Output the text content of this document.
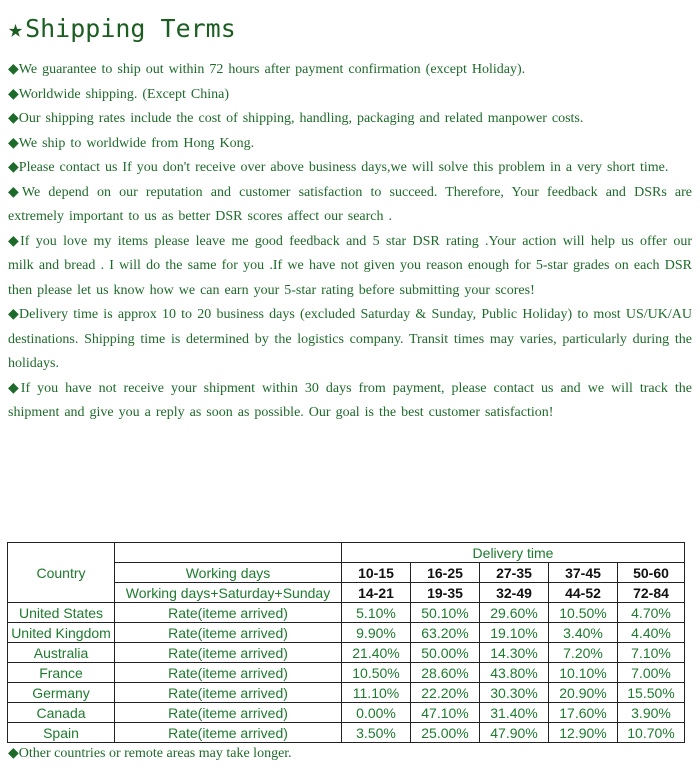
★Shipping Terms

◆We guarantee to ship out within 72 hours after payment confirmation (except Holiday).

◆Worldwide shipping. (Except China)

◆Our shipping rates include the cost of shipping, handling, packaging and related manpower costs.

◆We ship to worldwide from Hong Kong.

◆Please contact us If you don't receive over above business days,we will solve this problem in a very short time.

◆We depend on our reputation and customer satisfaction to succeed. Therefore, Your feedback and DSRs are extremely important to us as better DSR scores affect our search .

◆If you love my items please leave me good feedback and 5 star DSR rating .Your action will help us offer our milk and bread . I will do the same for you .If we have not given you reason enough for 5-star grades on each DSR then please let us know how we can earn your 5-star rating before submitting your scores!

◆Delivery time is approx 10 to 20 business days (excluded Saturday & Sunday, Public Holiday) to most US/UK/AU destinations. Shipping time is determined by the logistics company. Transit times may varies, particularly during the holidays.

◆If you have not receive your shipment within 30 days from payment, please contact us and we will track the shipment and give you a reply as soon as possible. Our goal is the best customer satisfaction!

Country		Delivery time				
	Working days	10-15	16-25	27-35	37-45	50-60
	Working days+Saturday+Sunday	14-21	19-35	32-49	44-52	72-84
United States	Rate(iteme arrived)	5.10%	50.10%	29.60%	10.50%	4.70%
United Kingdom	Rate(iteme arrived)	9.90%	63.20%	19.10%	3.40%	4.40%
Australia	Rate(iteme arrived)	21.40%	50.00%	14.30%	7.20%	7.10%
France	Rate(iteme arrived)	10.50%	28.60%	43.80%	10.10%	7.00%
Germany	Rate(iteme arrived)	11.10%	22.20%	30.30%	20.90%	15.50%
Canada	Rate(iteme arrived)	0.00%	47.10%	31.40%	17.60%	3.90%
Spain	Rate(iteme arrived)	3.50%	25.00%	47.90%	12.90%	10.70%
◆Other countries or remote areas may take longer.
